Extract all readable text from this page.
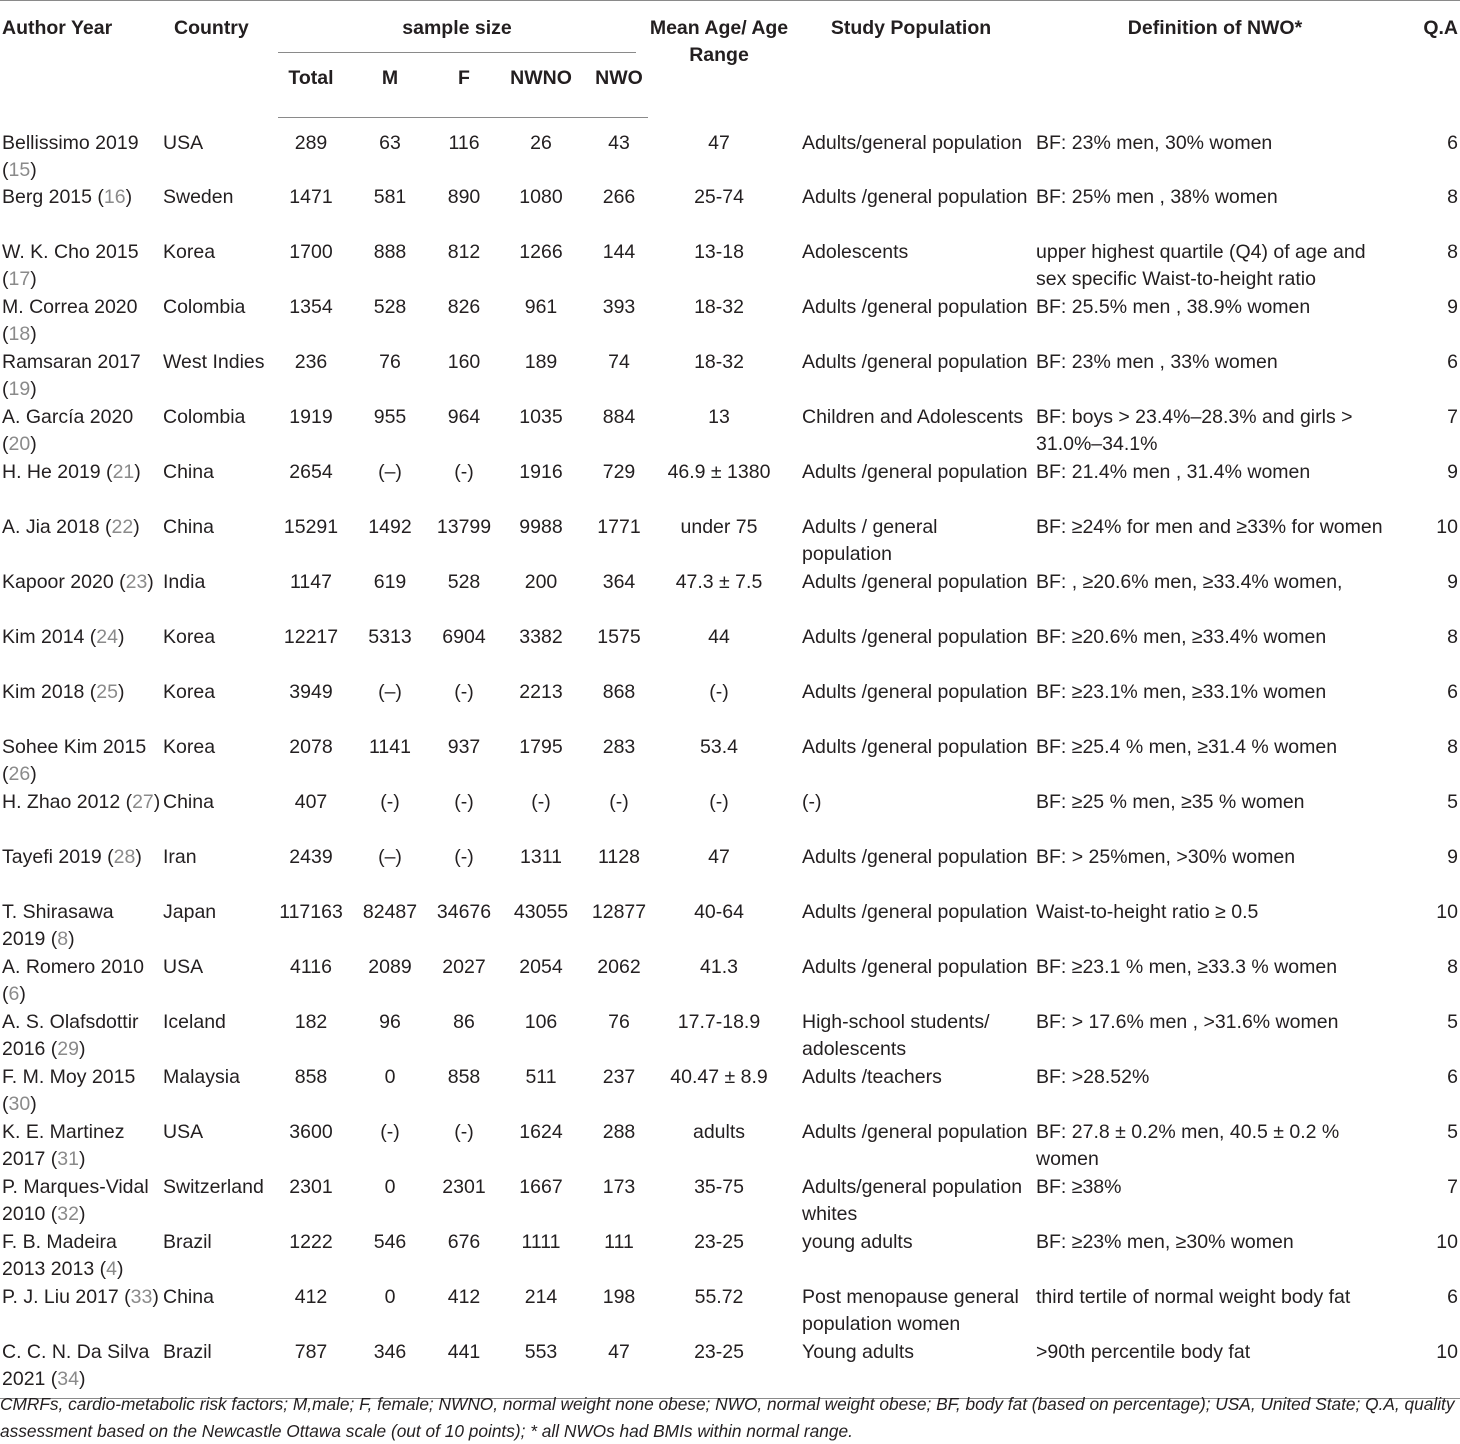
Author Year	Country	sample size					Mean Age/ Age Range	Study Population	Definition of NWO*	Q.A
		Total	M	F	NWNO	NWO				
Bellissimo 2019 (15)	USA	289	63	116	26	43	47	Adults/general population	BF: 23% men, 30% women	6
Berg 2015 (16)	Sweden	1471	581	890	1080	266	25-74	Adults /general population	BF: 25% men , 38% women	8
W. K. Cho 2015 (17)	Korea	1700	888	812	1266	144	13-18	Adolescents	upper highest quartile (Q4) of age and sex specific Waist-to-height ratio	8
M. Correa 2020 (18)	Colombia	1354	528	826	961	393	18-32	Adults /general population	BF: 25.5% men , 38.9% women	9
Ramsaran 2017 (19)	West Indies	236	76	160	189	74	18-32	Adults /general population	BF: 23% men , 33% women	6
A. García 2020 (20)	Colombia	1919	955	964	1035	884	13	Children and Adolescents	BF: boys > 23.4%–28.3% and girls > 31.0%–34.1%	7
H. He 2019 (21)	China	2654	(–)	(-)	1916	729	46.9 ± 1380	Adults /general population	BF: 21.4% men , 31.4% women	9
A. Jia 2018 (22)	China	15291	1492	13799	9988	1771	under 75	Adults / general population	BF: ≥24% for men and ≥33% for women	10
Kapoor 2020 (23)	India	1147	619	528	200	364	47.3 ± 7.5	Adults /general population	BF: , ≥20.6% men, ≥33.4% women,	9
Kim 2014 (24)	Korea	12217	5313	6904	3382	1575	44	Adults /general population	BF: ≥20.6% men, ≥33.4% women	8
Kim 2018 (25)	Korea	3949	(–)	(-)	2213	868	(-)	Adults /general population	BF: ≥23.1% men, ≥33.1% women	6
Sohee Kim 2015 (26)	Korea	2078	1141	937	1795	283	53.4	Adults /general population	BF: ≥25.4 % men, ≥31.4 % women	8
H. Zhao 2012 (27)	China	407	(-)	(-)	(-)	(-)	(-)	(-)	BF: ≥25 % men, ≥35 % women	5
Tayefi 2019 (28)	Iran	2439	(–)	(-)	1311	1128	47	Adults /general population	BF: > 25%men, >30% women	9
T. Shirasawa 2019 (8)	Japan	117163	82487	34676	43055	12877	40-64	Adults /general population	Waist-to-height ratio ≥ 0.5	10
A. Romero 2010 (6)	USA	4116	2089	2027	2054	2062	41.3	Adults /general population	BF: ≥23.1 % men, ≥33.3 % women	8
A. S. Olafsdottir 2016 (29)	Iceland	182	96	86	106	76	17.7-18.9	High-school students/ adolescents	BF: > 17.6% men , >31.6% women	5
F. M. Moy 2015 (30)	Malaysia	858	0	858	511	237	40.47 ± 8.9	Adults /teachers	BF: >28.52%	6
K. E. Martinez 2017 (31)	USA	3600	(-)	(-)	1624	288	adults	Adults /general population	BF: 27.8 ± 0.2% men, 40.5 ± 0.2 % women	5
P. Marques-Vidal 2010 (32)	Switzerland	2301	0	2301	1667	173	35-75	Adults/general population whites	BF: ≥38%	7
F. B. Madeira 2013 2013 (4)	Brazil	1222	546	676	1111	111	23-25	young adults	BF: ≥23% men, ≥30% women	10
P. J. Liu 2017 (33)	China	412	0	412	214	198	55.72	Post menopause general population women	third tertile of normal weight body fat	6
C. C. N. Da Silva 2021 (34)	Brazil	787	346	441	553	47	23-25	Young adults	>90th percentile body fat	10
CMRFs, cardio-metabolic risk factors; M,male; F, female; NWNO, normal weight none obese; NWO, normal weight obese; BF, body fat (based on percentage); USA, United State; Q.A, quality assessment based on the Newcastle Ottawa scale (out of 10 points); * all NWOs had BMIs within normal range.
